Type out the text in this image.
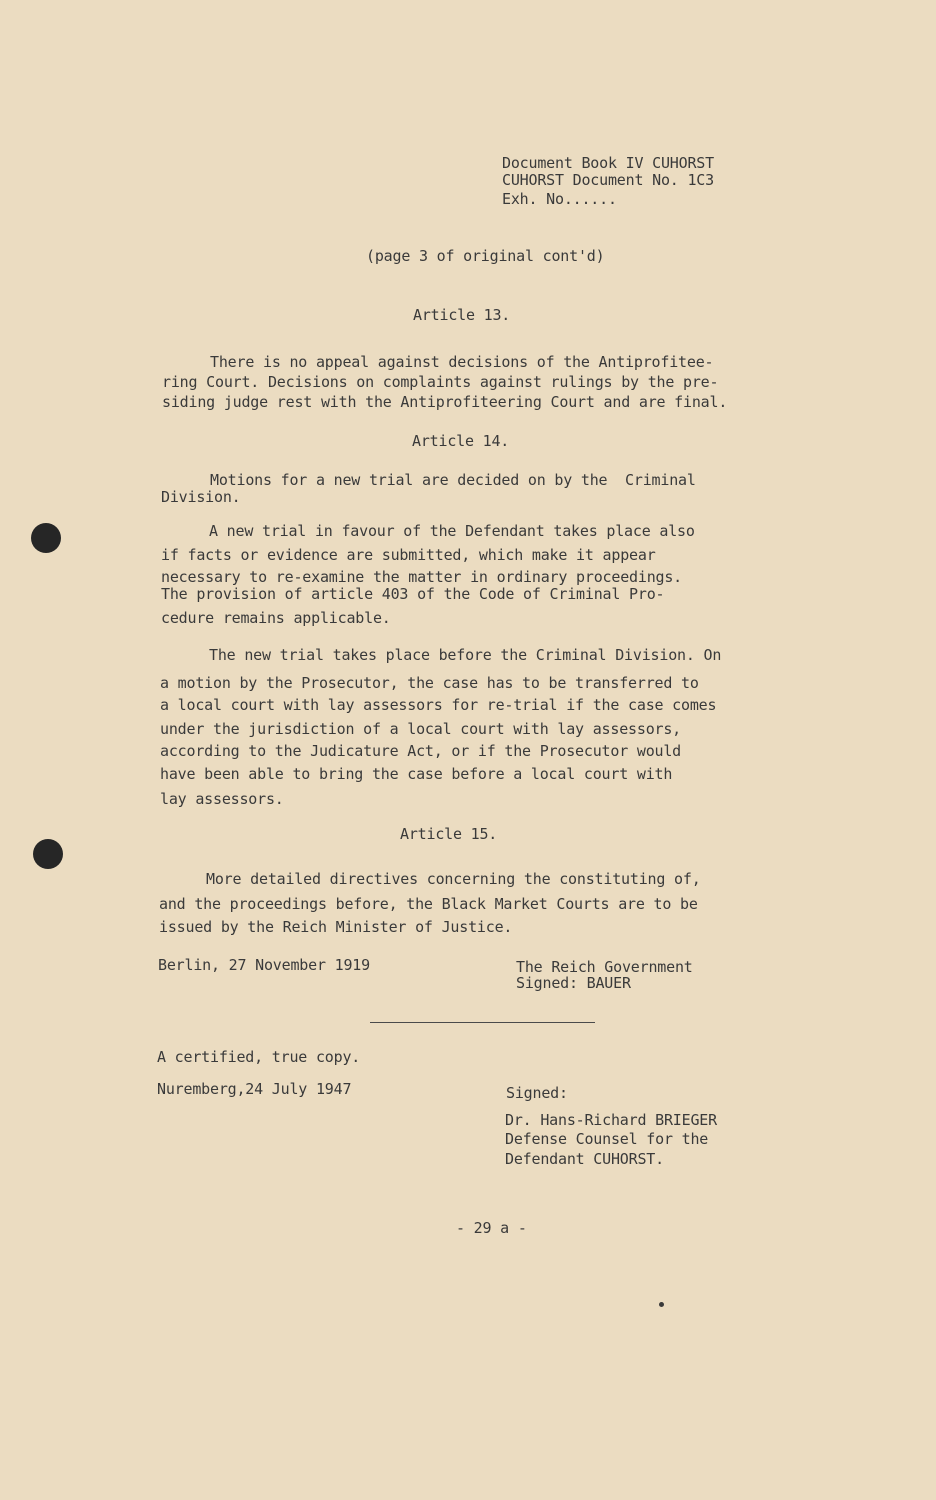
Document Book IV CUHORST
CUHORST Document No. 1C3
Exh. No......
(page 3 of original cont'd)
Article 13.
There is no appeal against decisions of the Antiprofitee-
ring Court. Decisions on complaints against rulings by the pre-
siding judge rest with the Antiprofiteering Court and are final.
Article 14.
Motions for a new trial are decided on by the  Criminal
Division.
A new trial in favour of the Defendant takes place also
if facts or evidence are submitted, which make it appear
necessary to re-examine the matter in ordinary proceedings.
The provision of article 403 of the Code of Criminal Pro-
cedure remains applicable.
The new trial takes place before the Criminal Division. On
a motion by the Prosecutor, the case has to be transferred to
a local court with lay assessors for re-trial if the case comes
under the jurisdiction of a local court with lay assessors,
according to the Judicature Act, or if the Prosecutor would
have been able to bring the case before a local court with
lay assessors.
Article 15.
More detailed directives concerning the constituting of,
and the proceedings before, the Black Market Courts are to be
issued by the Reich Minister of Justice.
Berlin, 27 November 1919	The Reich Government
Signed: BAUER
A certified, true copy.
Nuremberg,24 July 1947	Signed:
Dr. Hans-Richard BRIEGER
Defense Counsel for the
Defendant CUHORST.
- 29 a -
